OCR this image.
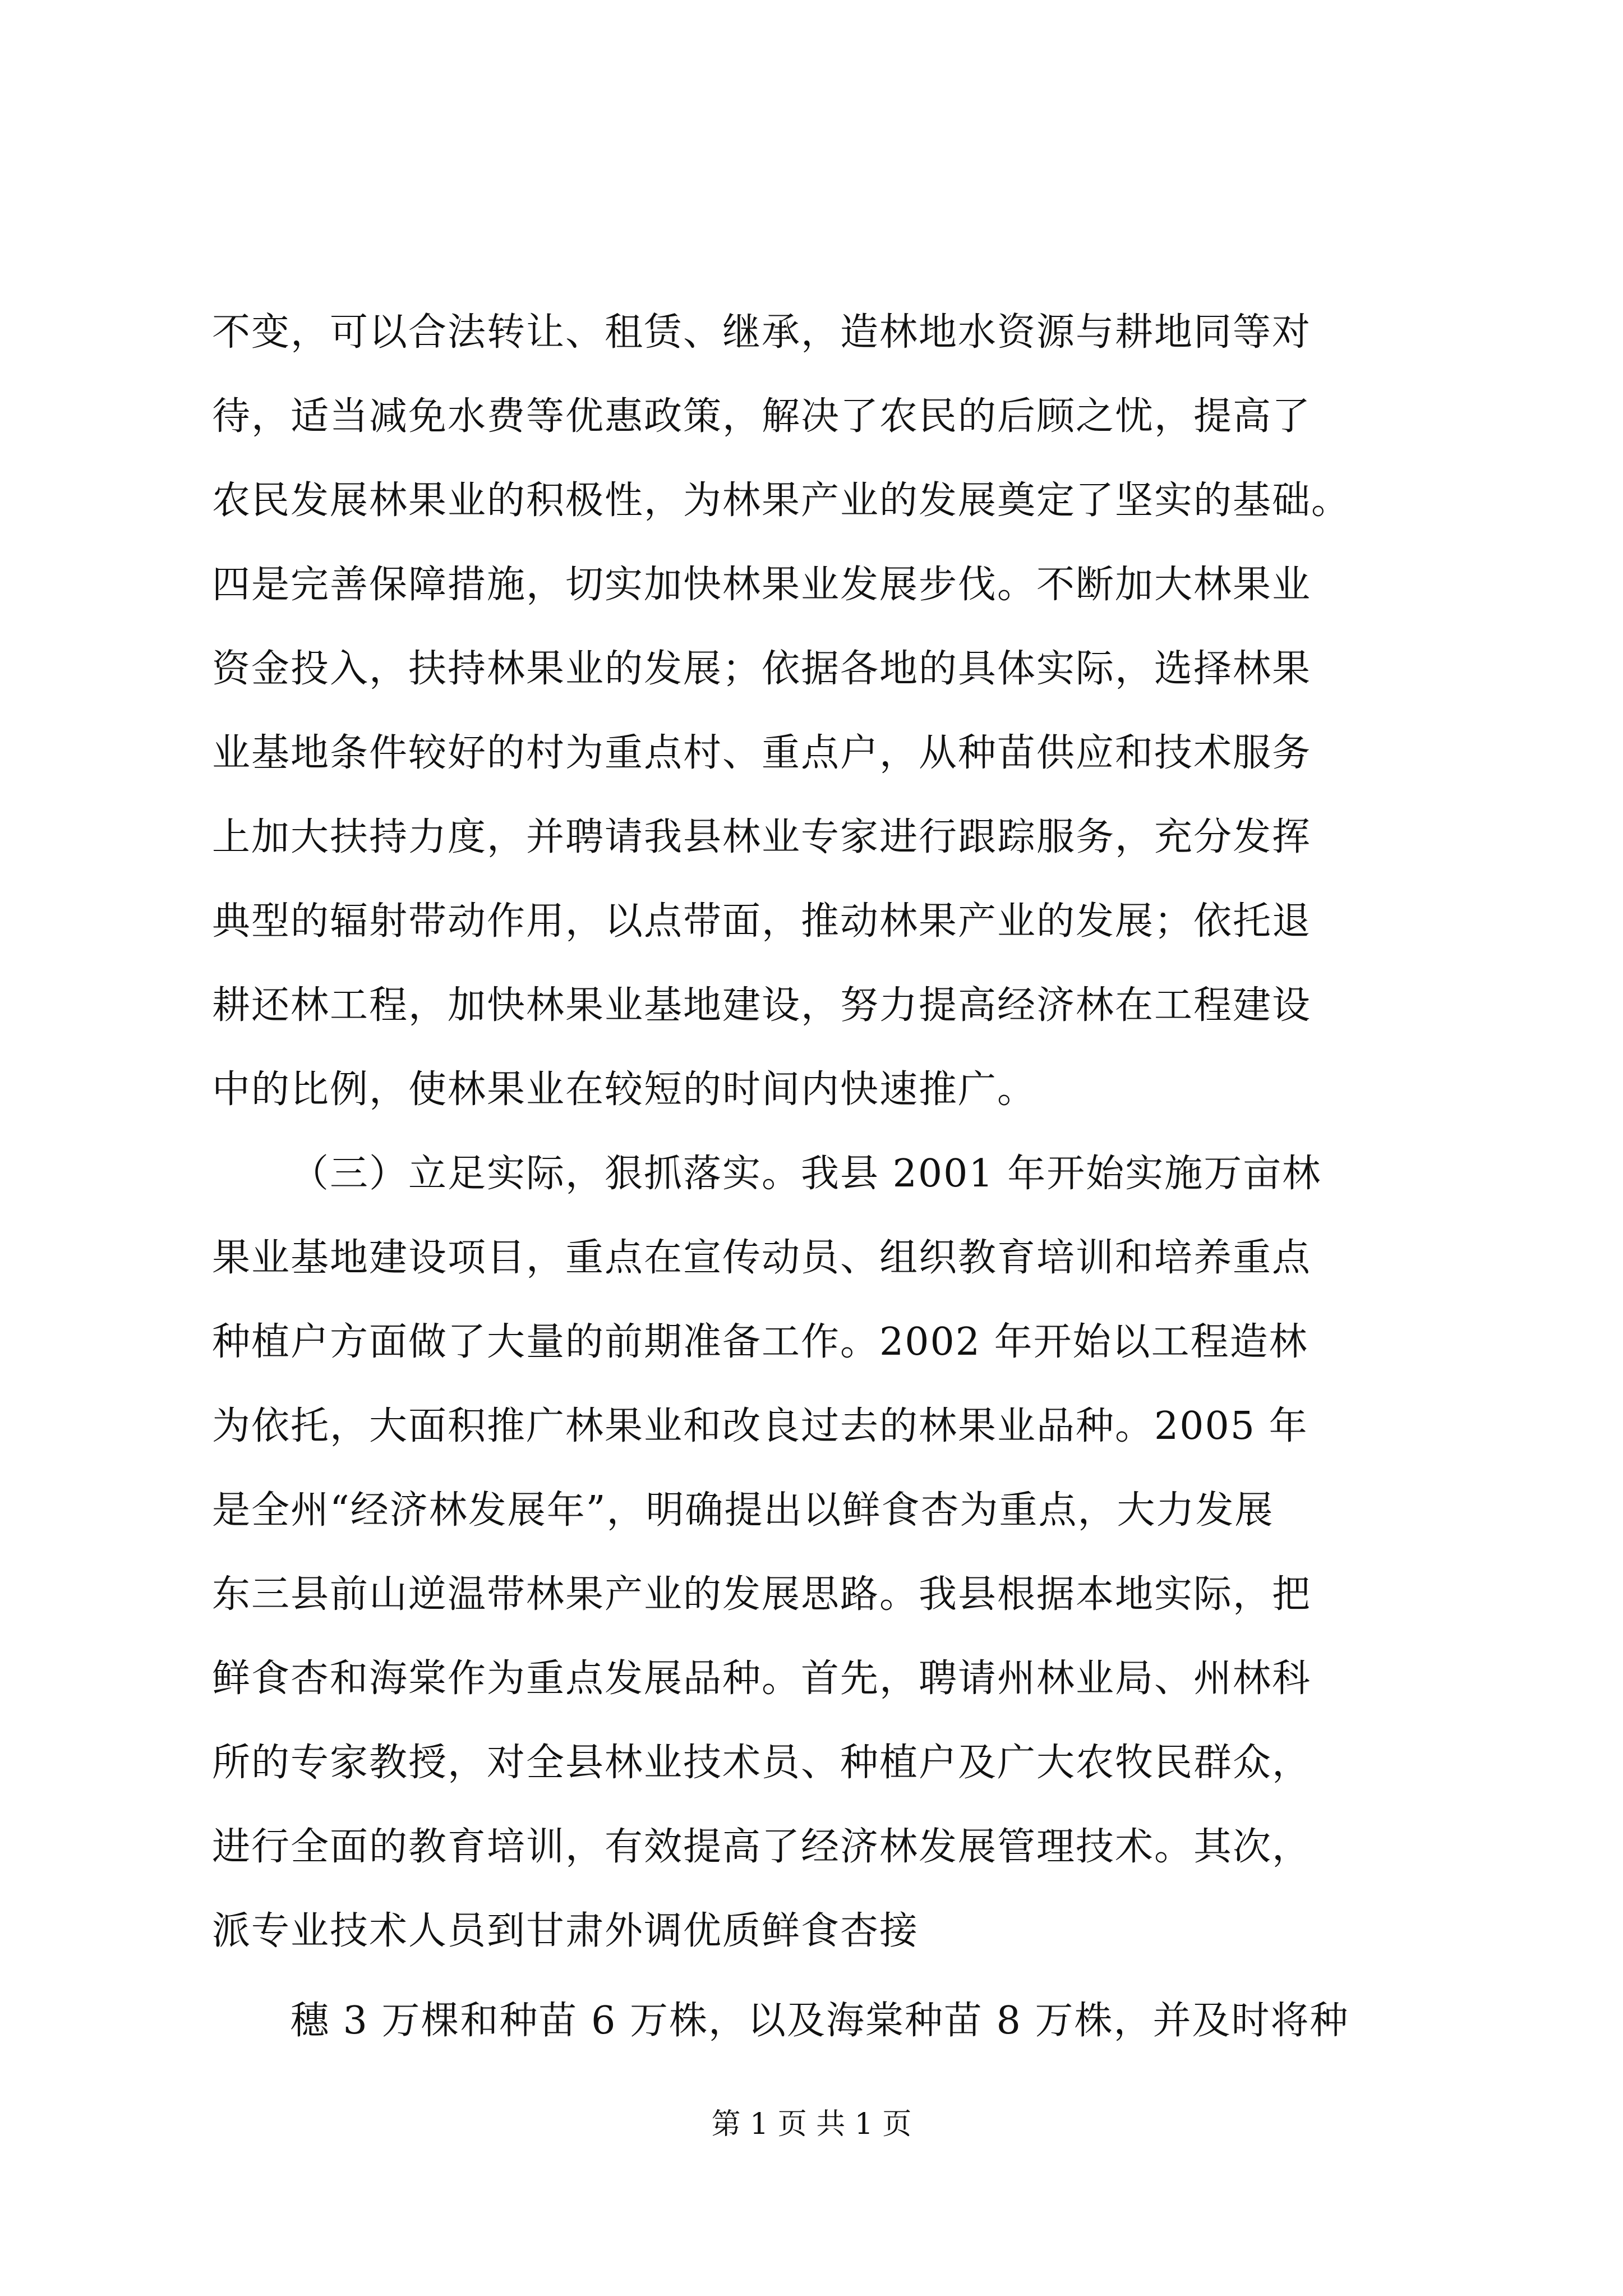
不变，可以合法转让、租赁、继承，造林地水资源与耕地同等对
待，适当减免水费等优惠政策，解决了农民的后顾之忧，提高了
农民发展林果业的积极性，为林果产业的发展奠定了坚实的基础。
四是完善保障措施，切实加快林果业发展步伐。不断加大林果业
资金投入，扶持林果业的发展；依据各地的具体实际，选择林果
业基地条件较好的村为重点村、重点户，从种苗供应和技术服务
上加大扶持力度，并聘请我县林业专家进行跟踪服务，充分发挥
典型的辐射带动作用，以点带面，推动林果产业的发展；依托退
耕还林工程，加快林果业基地建设，努力提高经济林在工程建设
中的比例，使林果业在较短的时间内快速推广。
（三）立足实际，狠抓落实。我县 2001 年开始实施万亩林
果业基地建设项目，重点在宣传动员、组织教育培训和培养重点
种植户方面做了大量的前期准备工作。2002 年开始以工程造林
为依托，大面积推广林果业和改良过去的林果业品种。2005 年
是全州“经济林发展年”，明确提出以鲜食杏为重点，大力发展
东三县前山逆温带林果产业的发展思路。我县根据本地实际，把
鲜食杏和海棠作为重点发展品种。首先，聘请州林业局、州林科
所的专家教授，对全县林业技术员、种植户及广大农牧民群众，
进行全面的教育培训，有效提高了经济林发展管理技术。其次，
派专业技术人员到甘肃外调优质鲜食杏接
穗 3 万棵和种苗 6 万株，以及海棠种苗 8 万株，并及时将种
第 1 页 共 1 页
